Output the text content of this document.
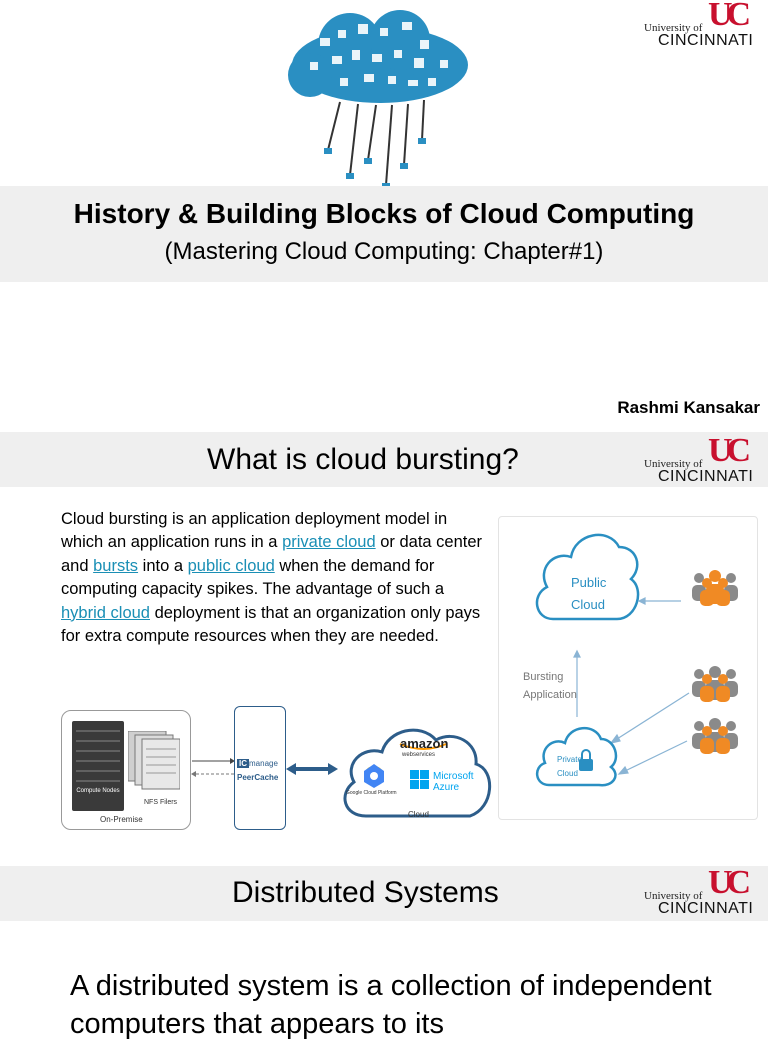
University of UC
CINCINNATI
History & Building Blocks of Cloud Computing
(Mastering Cloud Computing: Chapter#1)
Rashmi Kansakar
What is cloud bursting?	University of UC
CINCINNATI
Cloud bursting is an application deployment model in which an application runs in a private cloud or data center and bursts into a public cloud when the demand for computing capacity spikes. The advantage of such a hybrid cloud deployment is that an organization only pays for extra compute resources when they are needed.
Compute Nodes
NFS Filers
On-Premise
IC manage
PeerCache
amazon
webservices
Google Cloud Platform
Microsoft
Azure
Cloud
Public
Cloud
Bursting
Application
Private
Cloud
Distributed Systems	University of UC
CINCINNATI
A distributed system is a collection of independent computers that appears to its
